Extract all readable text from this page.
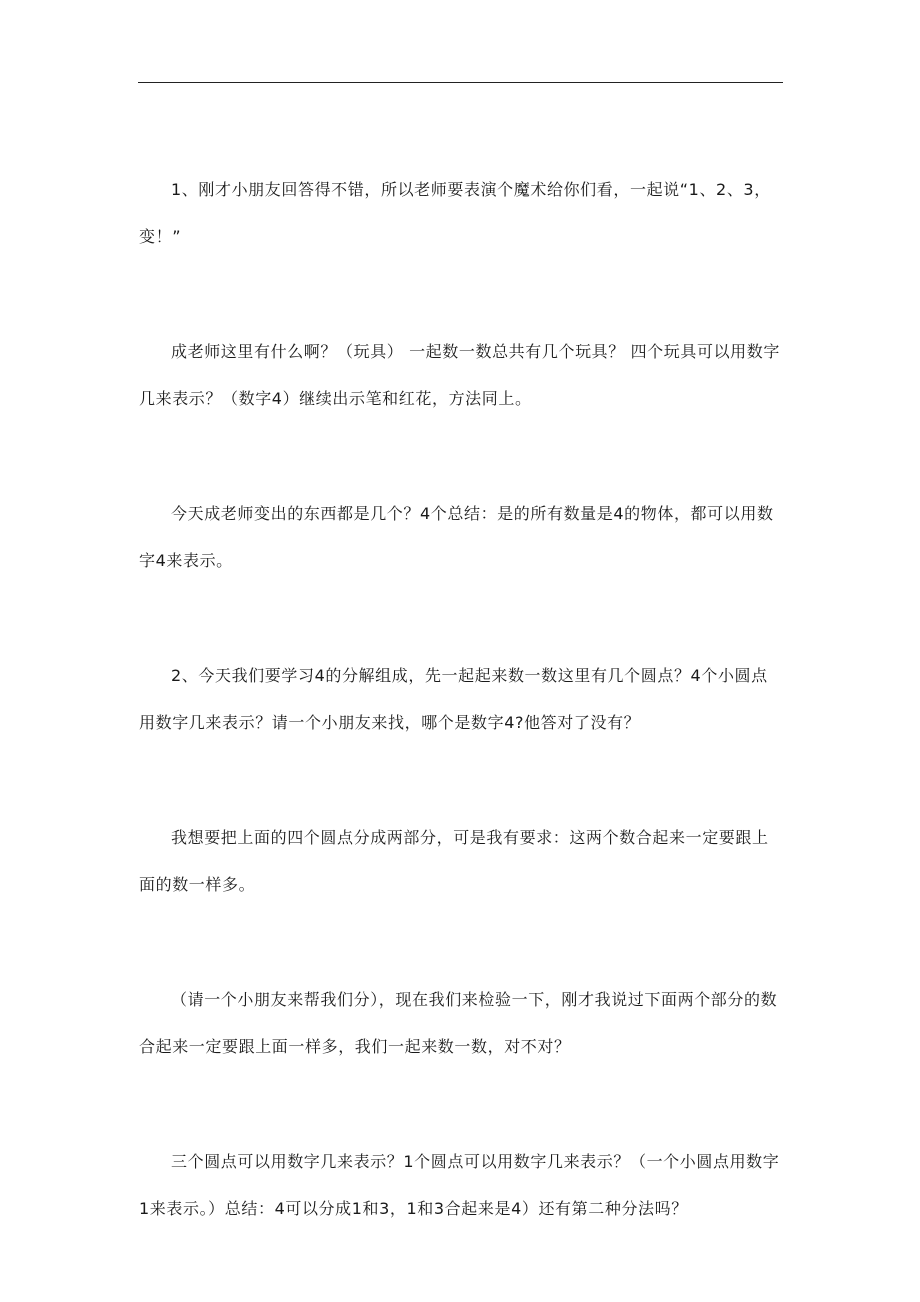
1、刚才小朋友回答得不错，所以老师要表演个魔术给你们看，一起说“1、2、3，变！”

成老师这里有什么啊？（玩具） 一起数一数总共有几个玩具？ 四个玩具可以用数字几来表示？（数字4）继续出示笔和红花，方法同上。

今天成老师变出的东西都是几个？4个总结：是的所有数量是4的物体，都可以用数字4来表示。

2、今天我们要学习4的分解组成，先一起起来数一数这里有几个圆点？4个小圆点用数字几来表示？请一个小朋友来找，哪个是数字4?他答对了没有？

我想要把上面的四个圆点分成两部分，可是我有要求：这两个数合起来一定要跟上面的数一样多。

（请一个小朋友来帮我们分），现在我们来检验一下，刚才我说过下面两个部分的数合起来一定要跟上面一样多，我们一起来数一数，对不对？

三个圆点可以用数字几来表示？1个圆点可以用数字几来表示？（一个小圆点用数字1来表示。）总结：4可以分成1和3，1和3合起来是4）还有第二种分法吗？
